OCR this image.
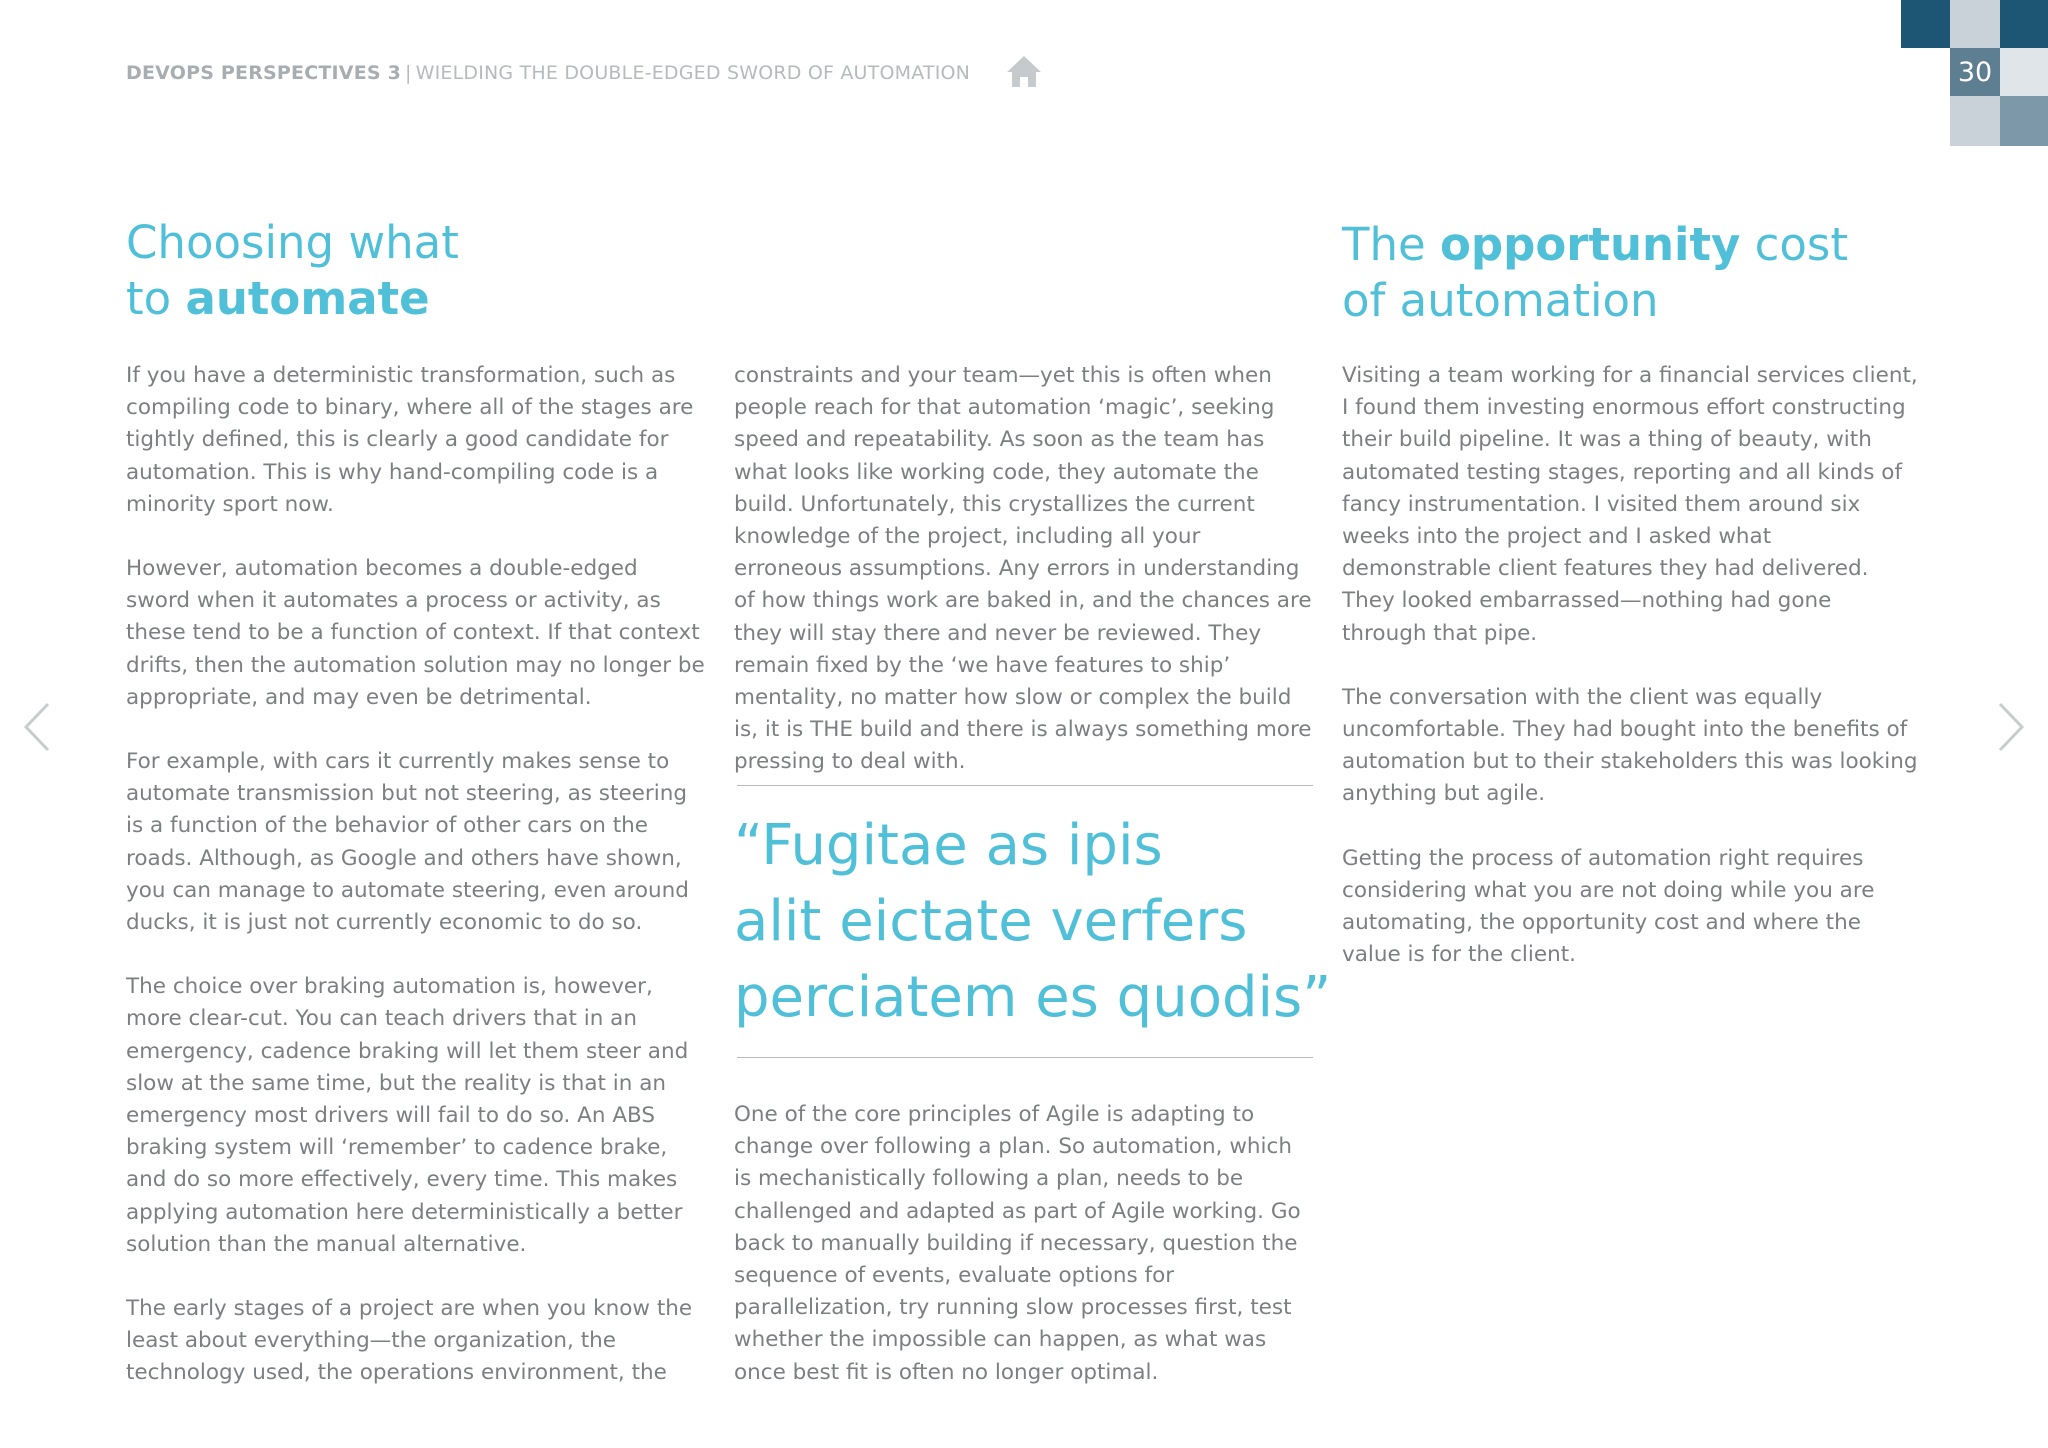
DEVOPS PERSPECTIVES 3 | WIELDING THE DOUBLE-EDGED SWORD OF AUTOMATION	30
Choosing what
to automate

If you have a deterministic transformation, such as compiling code to binary, where all of the stages are tightly defined, this is clearly a good candidate for automation. This is why hand-compiling code is a minority sport now.

However, automation becomes a double-edged sword when it automates a process or activity, as these tend to be a function of context. If that context drifts, then the automation solution may no longer be appropriate, and may even be detrimental.

For example, with cars it currently makes sense to automate transmission but not steering, as steering is a function of the behavior of other cars on the roads. Although, as Google and others have shown, you can manage to automate steering, even around ducks, it is just not currently economic to do so.

The choice over braking automation is, however, more clear-cut. You can teach drivers that in an emergency, cadence braking will let them steer and slow at the same time, but the reality is that in an emergency most drivers will fail to do so. An ABS braking system will ‘remember’ to cadence brake, and do so more effectively, every time. This makes applying automation here deterministically a better solution than the manual alternative.

The early stages of a project are when you know the least about everything—the organization, the technology used, the operations environment, the

constraints and your team—yet this is often when people reach for that automation ‘magic’, seeking speed and repeatability. As soon as the team has what looks like working code, they automate the build. Unfortunately, this crystallizes the current knowledge of the project, including all your erroneous assumptions. Any errors in understanding of how things work are baked in, and the chances are they will stay there and never be reviewed. They remain fixed by the ‘we have features to ship’ mentality, no matter how slow or complex the build is, it is THE build and there is always something more pressing to deal with.

“Fugitae as ipis
alit eictate verfers
perciatem es quodis”

One of the core principles of Agile is adapting to change over following a plan. So automation, which is mechanistically following a plan, needs to be challenged and adapted as part of Agile working. Go back to manually building if necessary, question the sequence of events, evaluate options for parallelization, try running slow processes first, test whether the impossible can happen, as what was once best fit is often no longer optimal.

The opportunity cost
of automation

Visiting a team working for a financial services client, I found them investing enormous effort constructing their build pipeline. It was a thing of beauty, with automated testing stages, reporting and all kinds of fancy instrumentation. I visited them around six weeks into the project and I asked what demonstrable client features they had delivered. They looked embarrassed—nothing had gone through that pipe.

The conversation with the client was equally uncomfortable. They had bought into the benefits of automation but to their stakeholders this was looking anything but agile.

Getting the process of automation right requires considering what you are not doing while you are automating, the opportunity cost and where the value is for the client.
